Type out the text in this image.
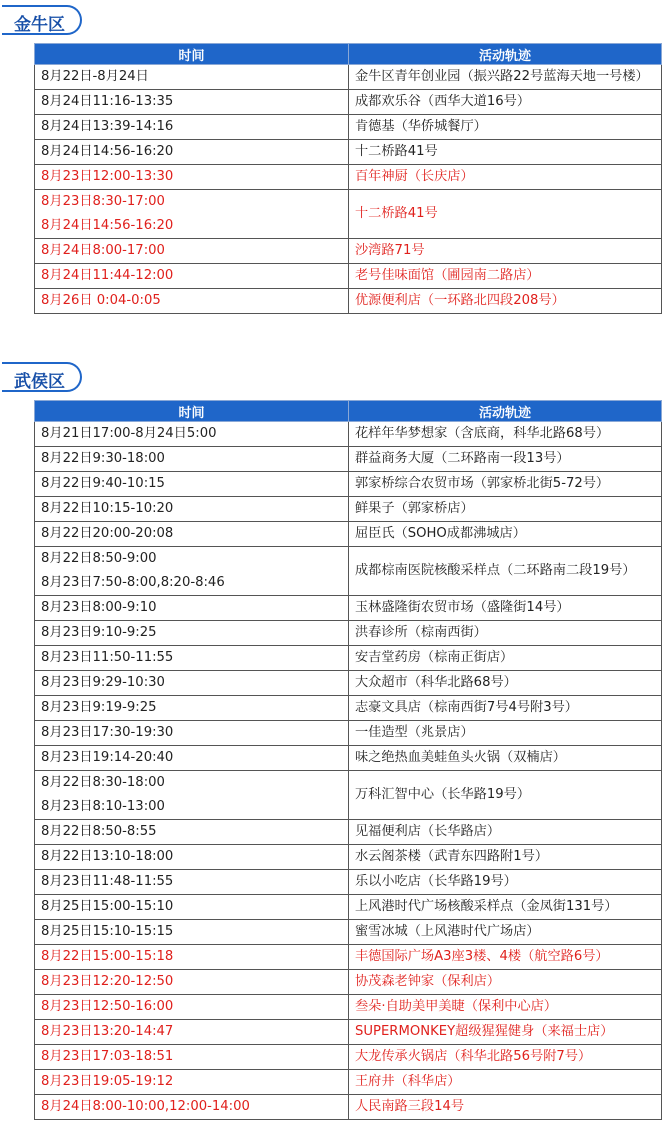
金牛区
时间	活动轨迹
8月22日-8月24日	金牛区青年创业园（振兴路22号蓝海天地一号楼）
8月24日11:16-13:35	成都欢乐谷（西华大道16号）
8月24日13:39-14:16	肯德基（华侨城餐厅）
8月24日14:56-16:20	十二桥路41号
8月23日12:00-13:30	百年神厨（长庆店）
8月23日8:30-17:00
8月24日14:56-16:20	十二桥路41号
8月24日8:00-17:00	沙湾路71号
8月24日11:44-12:00	老号佳味面馆（圃园南二路店）
8月26日 0:04-0:05	优源便利店（一环路北四段208号）
武侯区
时间	活动轨迹
8月21日17:00-8月24日5:00	花样年华梦想家（含底商，科华北路68号）
8月22日9:30-18:00	群益商务大厦（二环路南一段13号）
8月22日9:40-10:15	郭家桥综合农贸市场（郭家桥北街5-72号）
8月22日10:15-10:20	鲜果子（郭家桥店）
8月22日20:00-20:08	屈臣氏（SOHO成都沸城店）
8月22日8:50-9:00
8月23日7:50-8:00,8:20-8:46	成都棕南医院核酸采样点（二环路南二段19号）
8月23日8:00-9:10	玉林盛隆街农贸市场（盛隆街14号）
8月23日9:10-9:25	洪春诊所（棕南西街）
8月23日11:50-11:55	安吉堂药房（棕南正街店）
8月23日9:29-10:30	大众超市（科华北路68号）
8月23日9:19-9:25	志豪文具店（棕南西街7号4号附3号）
8月23日17:30-19:30	一佳造型（兆景店）
8月23日19:14-20:40	味之绝热血美蛙鱼头火锅（双楠店）
8月22日8:30-18:00
8月23日8:10-13:00	万科汇智中心（长华路19号）
8月22日8:50-8:55	见福便利店（长华路店）
8月22日13:10-18:00	水云阁茶楼（武青东四路附1号）
8月23日11:48-11:55	乐以小吃店（长华路19号）
8月25日15:00-15:10	上风港时代广场核酸采样点（金凤街131号）
8月25日15:10-15:15	蜜雪冰城（上风港时代广场店）
8月22日15:00-15:18	丰德国际广场A3座3楼、4楼（航空路6号）
8月23日12:20-12:50	协茂森老钟家（保利店）
8月23日12:50-16:00	叁朵·自助美甲美睫（保利中心店）
8月23日13:20-14:47	SUPERMONKEY超级猩猩健身（来福士店）
8月23日17:03-18:51	大龙传承火锅店（科华北路56号附7号）
8月23日19:05-19:12	王府井（科华店）
8月24日8:00-10:00,12:00-14:00	人民南路三段14号
